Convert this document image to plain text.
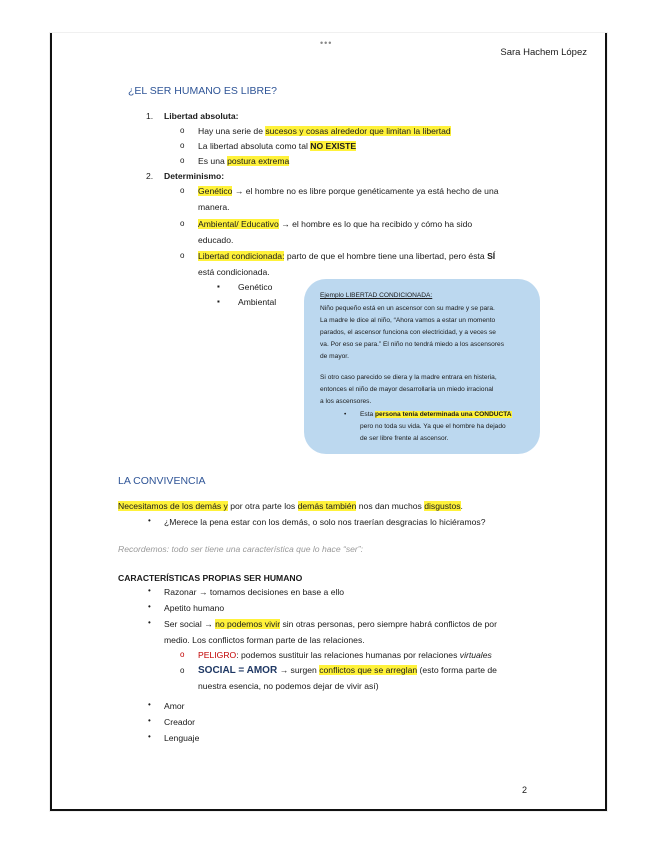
•••
Sara Hachem López
¿EL SER HUMANO ES LIBRE?
1. Libertad absoluta:
o Hay una serie de sucesos y cosas alrededor que limitan la libertad
o La libertad absoluta como tal NO EXISTE
o Es una postura extrema
2. Determinismo:
o Genético → el hombre no es libre porque genéticamente ya está hecho de una
manera.
o Ambiental/ Educativo → el hombre es lo que ha recibido y cómo ha sido
educado.
o Libertad condicionada: parto de que el hombre tiene una libertad, pero ésta SÍ
está condicionada.
▪ Genético
▪ Ambiental
Ejemplo LIBERTAD CONDICIONADA:
Niño pequeño está en un ascensor con su madre y se para.
La madre le dice al niño, “Ahora vamos a estar un momento
parados, el ascensor funciona con electricidad, y a veces se
va. Por eso se para.” El niño no tendrá miedo a los ascensores
de mayor.
Si otro caso parecido se diera y la madre entrara en histeria,
entonces el niño de mayor desarrollaría un miedo irracional
a los ascensores.
• Esta persona tenía determinada una CONDUCTA
pero no toda su vida. Ya que el hombre ha dejado
de ser libre frente al ascensor.
LA CONVIVENCIA
Necesitamos de los demás y por otra parte los demás también nos dan muchos disgustos.
• ¿Merece la pena estar con los demás, o solo nos traerían desgracias lo hiciéramos?
Recordemos: todo ser tiene una característica que lo hace “ser”:
CARACTERÍSTICAS PROPIAS SER HUMANO
• Razonar → tomamos decisiones en base a ello
• Apetito humano
• Ser social → no podemos vivir sin otras personas, pero siempre habrá conflictos de por
medio. Los conflictos forman parte de las relaciones.
o PELIGRO: podemos sustituir las relaciones humanas por relaciones virtuales
o SOCIAL = AMOR → surgen conflictos que se arreglan (esto forma parte de
nuestra esencia, no podemos dejar de vivir así)
• Amor
• Creador
• Lenguaje
2
